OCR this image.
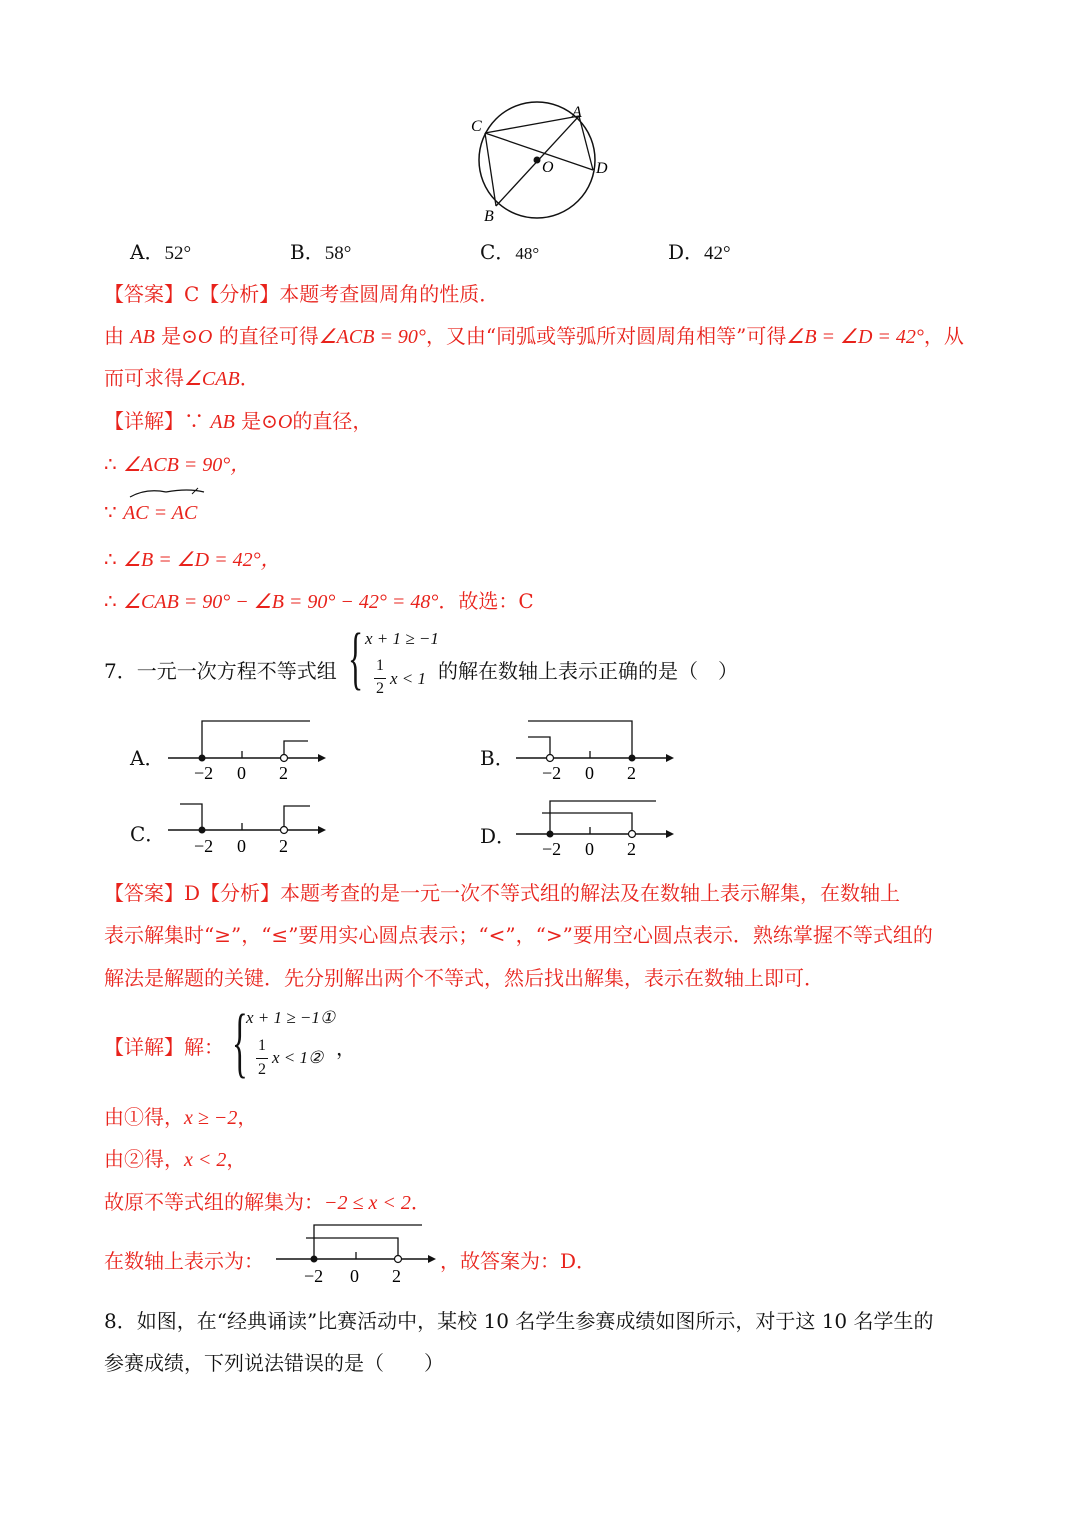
C
A
O	D
B
A．52°	B．58°	C．48°	D．42°
【答案】C【分析】本题考查圆周角的性质．
由 AB 是⊙O 的直径可得∠ACB = 90°，又由“同弧或等弧所对圆周角相等”可得∠B = ∠D = 42°，从
而可求得∠CAB．
【详解】∵ AB 是⊙O的直径，
∴ ∠ACB = 90°，
∵ AC = AC
∴ ∠B = ∠D = 42°，
∴ ∠CAB = 90° − ∠B = 90° − 42° = 48°．故选：C
7．一元一次方程不等式组 { x + 1 ≥ −1
1
2
x < 1 的解在数轴上表示正确的是（　）
A．
−2 0 2
B．
−2 0 2
C． −2 0 2	D．
−2 0 2
【答案】D【分析】本题考查的是一元一次不等式组的解法及在数轴上表示解集，在数轴上
表示解集时“≥”，“≤”要用实心圆点表示；“<”，“>”要用空心圆点表示．熟练掌握不等式组的
解法是解题的关键．先分别解出两个不等式，然后找出解集，表示在数轴上即可．
【详解】解： {
x + 1 ≥ −1①
1
2
x < 1② ，
由①得，x ≥ −2，
由②得，x < 2，
故原不等式组的解集为：−2 ≤ x < 2．
在数轴上表示为：
−2 0 2
，故答案为：D．
8．如图，在“经典诵读”比赛活动中，某校 10 名学生参赛成绩如图所示，对于这 10 名学生的
参赛成绩，下列说法错误的是（　　）
